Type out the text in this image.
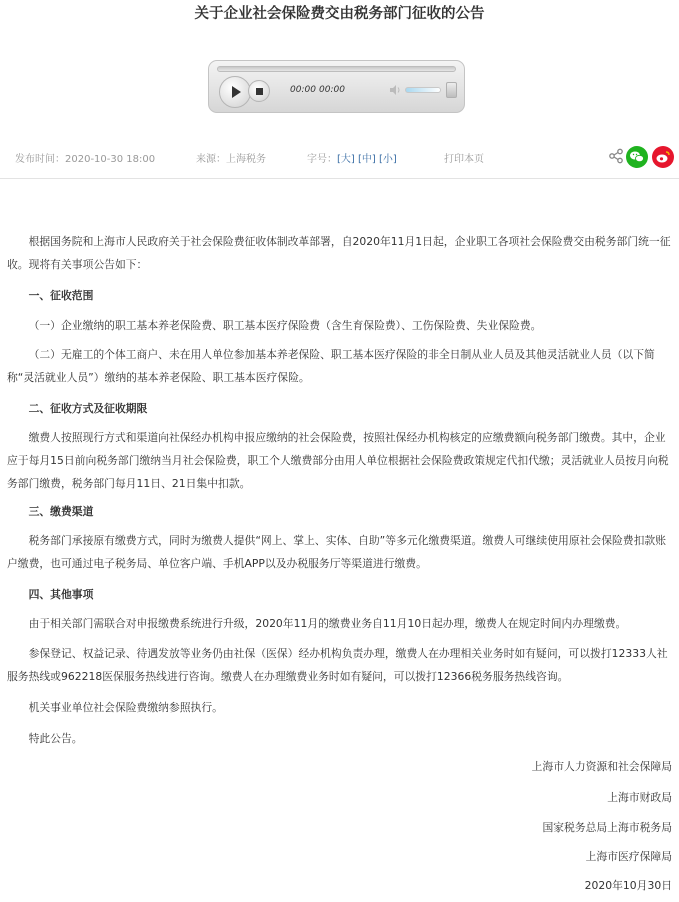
关于企业社会保险费交由税务部门征收的公告
00:00 00:00
发布时间：2020-10-30 18:00	来源：上海税务	字号：[大] [中] [小]	打印本页

根据国务院和上海市人民政府关于社会保险费征收体制改革部署，自2020年11月1日起，企业职工各项社会保险费交由税务部门统一征收。现将有关事项公告如下：

一、征收范围

（一）企业缴纳的职工基本养老保险费、职工基本医疗保险费（含生育保险费）、工伤保险费、失业保险费。

（二）无雇工的个体工商户、未在用人单位参加基本养老保险、职工基本医疗保险的非全日制从业人员及其他灵活就业人员（以下简称“灵活就业人员”）缴纳的基本养老保险、职工基本医疗保险。

二、征收方式及征收期限

缴费人按照现行方式和渠道向社保经办机构申报应缴纳的社会保险费，按照社保经办机构核定的应缴费额向税务部门缴费。其中，企业应于每月15日前向税务部门缴纳当月社会保险费，职工个人缴费部分由用人单位根据社会保险费政策规定代扣代缴；灵活就业人员按月向税务部门缴费，税务部门每月11日、21日集中扣款。

三、缴费渠道

税务部门承接原有缴费方式，同时为缴费人提供“网上、掌上、实体、自助”等多元化缴费渠道。缴费人可继续使用原社会保险费扣款账户缴费，也可通过电子税务局、单位客户端、手机APP以及办税服务厅等渠道进行缴费。

四、其他事项

由于相关部门需联合对申报缴费系统进行升级，2020年11月的缴费业务自11月10日起办理，缴费人在规定时间内办理缴费。

参保登记、权益记录、待遇发放等业务仍由社保（医保）经办机构负责办理，缴费人在办理相关业务时如有疑问，可以拨打12333人社服务热线或962218医保服务热线进行咨询。缴费人在办理缴费业务时如有疑问，可以拨打12366税务服务热线咨询。

机关事业单位社会保险费缴纳参照执行。

特此公告。

上海市人力资源和社会保障局

上海市财政局

国家税务总局上海市税务局

上海市医疗保障局

2020年10月30日
